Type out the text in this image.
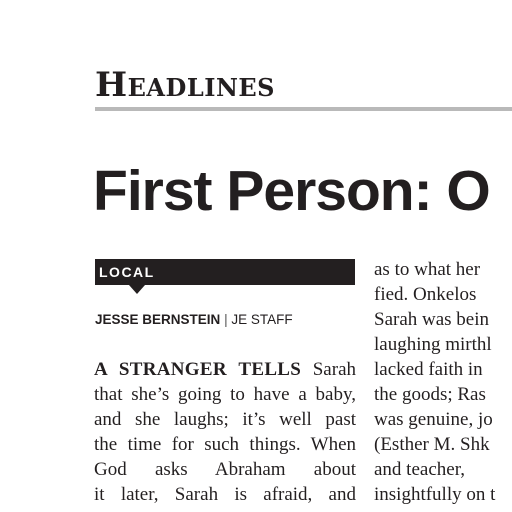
Headlines
First Person: O
LOCAL
JESSE BERNSTEIN | JE STAFF
A STRANGER TELLS Sarah
that she’s going to have a baby,
and she laughs; it’s well past
the time for such things. When
God asks Abraham about
it later, Sarah is afraid, and
as to what her
fied. Onkelos
Sarah was bein
laughing mirthl
lacked faith in
the goods; Ras
was genuine, jo
(Esther M. Shk
and teacher,
insightfully on t
